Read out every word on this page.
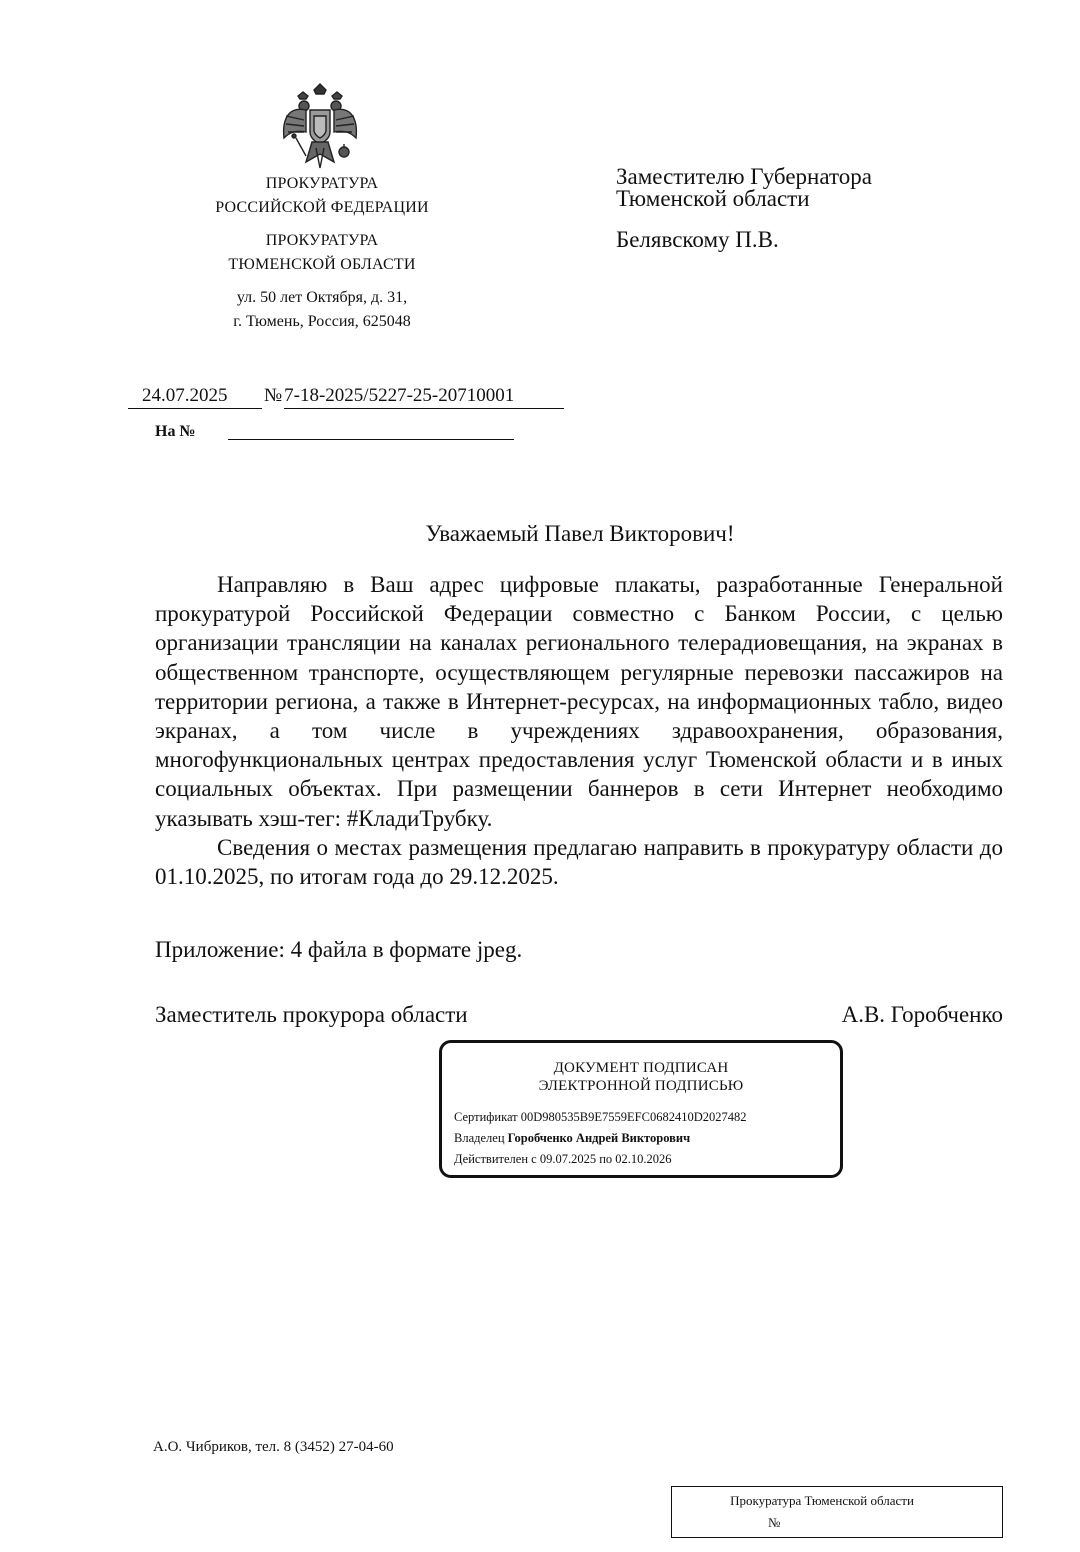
ПРОКУРАТУРА
РОССИЙСКОЙ ФЕДЕРАЦИИ
ПРОКУРАТУРА
ТЮМЕНСКОЙ ОБЛАСТИ
ул. 50 лет Октября, д. 31,
г. Тюмень, Россия, 625048
Заместителю Губернатора
Тюменской области
Белявскому П.В.
24.07.2025 № 7-18-2025/5227-25-20710001
На №
Уважаемый Павел Викторович!

Направляю в Ваш адрес цифровые плакаты, разработанные Генеральной прокуратурой Российской Федерации совместно с Банком России, с целью организации трансляции на каналах регионального телерадиовещания, на экранах в общественном транспорте, осуществляющем регулярные перевозки пассажиров на территории региона, а также в Интернет-ресурсах, на информационных табло, видео экранах, а том числе в учреждениях здравоохранения, образования, многофункциональных центрах предоставления услуг Тюменской области и в иных социальных объектах. При размещении баннеров в сети Интернет необходимо указывать хэш-тег: #КладиТрубку.

Сведения о местах размещения предлагаю направить в прокуратуру области до 01.10.2025, по итогам года до 29.12.2025.

Приложение: 4 файла в формате jpeg.
Заместитель прокурора области	А.В. Горобченко
ДОКУМЕНТ ПОДПИСАН
ЭЛЕКТРОННОЙ ПОДПИСЬЮ
Сертификат 00D980535B9E7559EFC0682410D2027482
Владелец Горобченко Андрей Викторович
Действителен с 09.07.2025 по 02.10.2026
А.О. Чибриков, тел. 8 (3452) 27-04-60
Прокуратура Тюменской области
№
